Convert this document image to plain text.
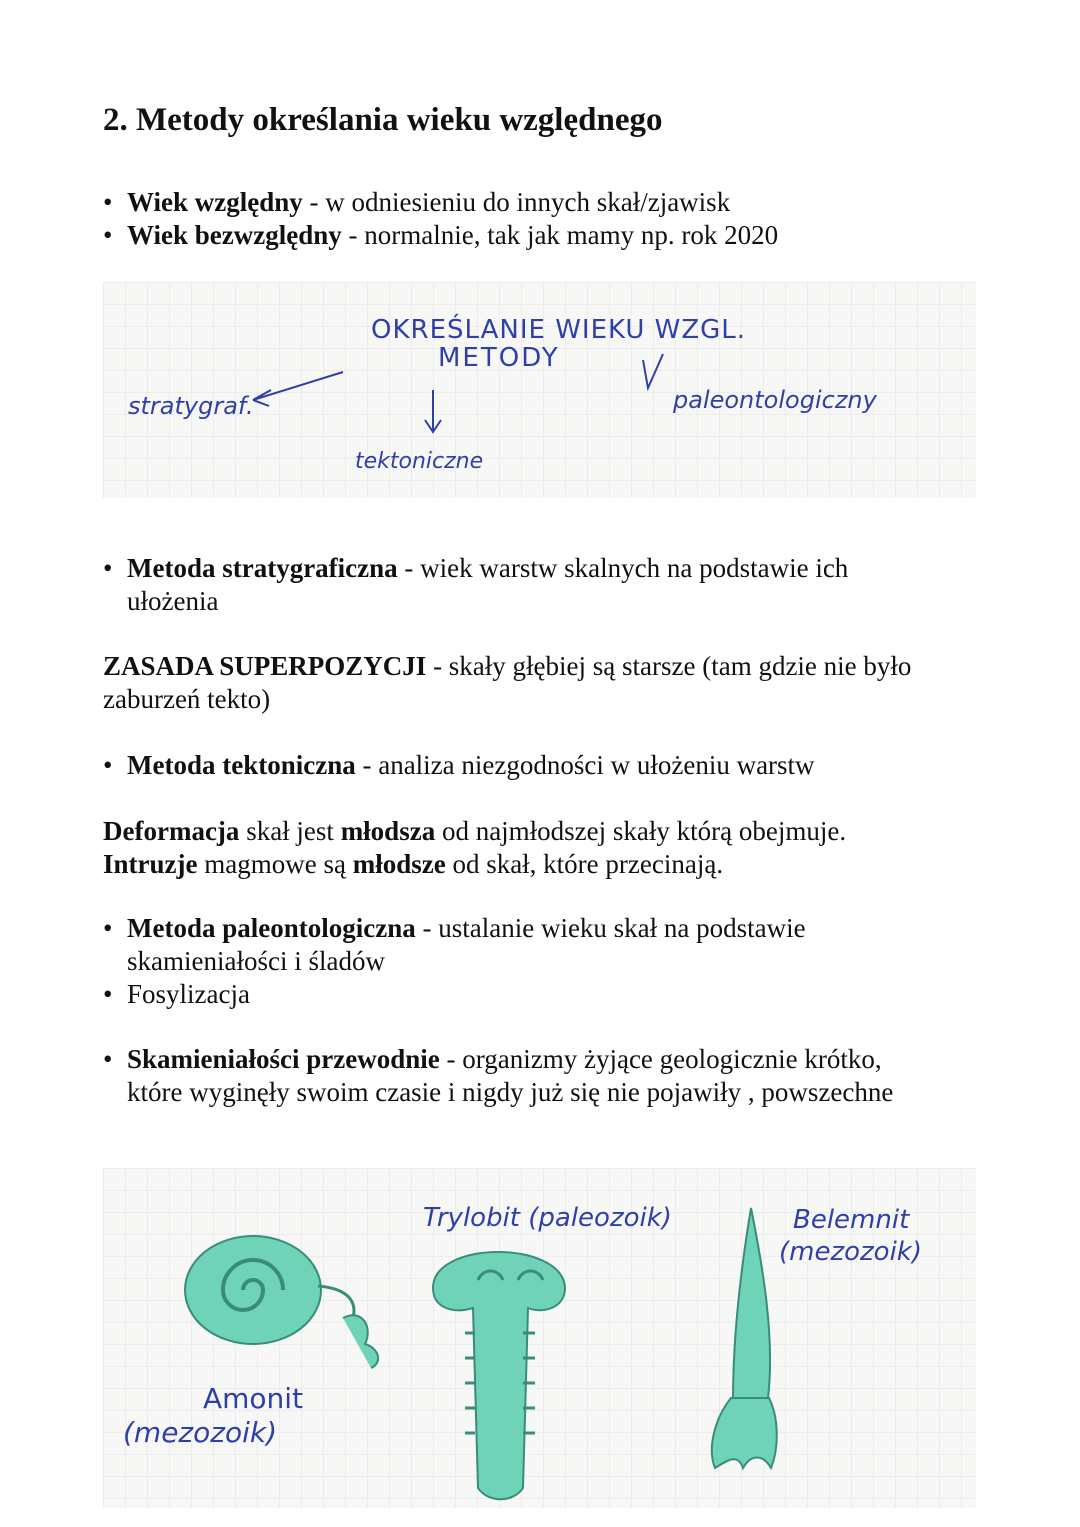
2. Metody określania wieku względnego
• Wiek względny - w odniesieniu do innych skał/zjawisk
• Wiek bezwzględny - normalnie, tak jak mamy np. rok 2020
OKREŚLANIE WIEKU WZGL.
METODY
stratygraf.
tektoniczne
paleontologiczny
• Metoda stratygraficzna - wiek warstw skalnych na podstawie ich
ułożenia
ZASADA SUPERPOZYCJI - skały głębiej są starsze (tam gdzie nie było
zaburzeń tekto)
• Metoda tektoniczna - analiza niezgodności w ułożeniu warstw
Deformacja skał jest młodsza od najmłodszej skały którą obejmuje.
Intruzje magmowe są młodsze od skał, które przecinają.
• Metoda paleontologiczna - ustalanie wieku skał na podstawie
skamieniałości i śladów
• Fosylizacja
• Skamieniałości przewodnie - organizmy żyjące geologicznie krótko,
które wyginęły swoim czasie i nigdy już się nie pojawiły , powszechne
Amonit
(mezozoik)
Trylobit (paleozoik)	Belemnit
(mezozoik)
